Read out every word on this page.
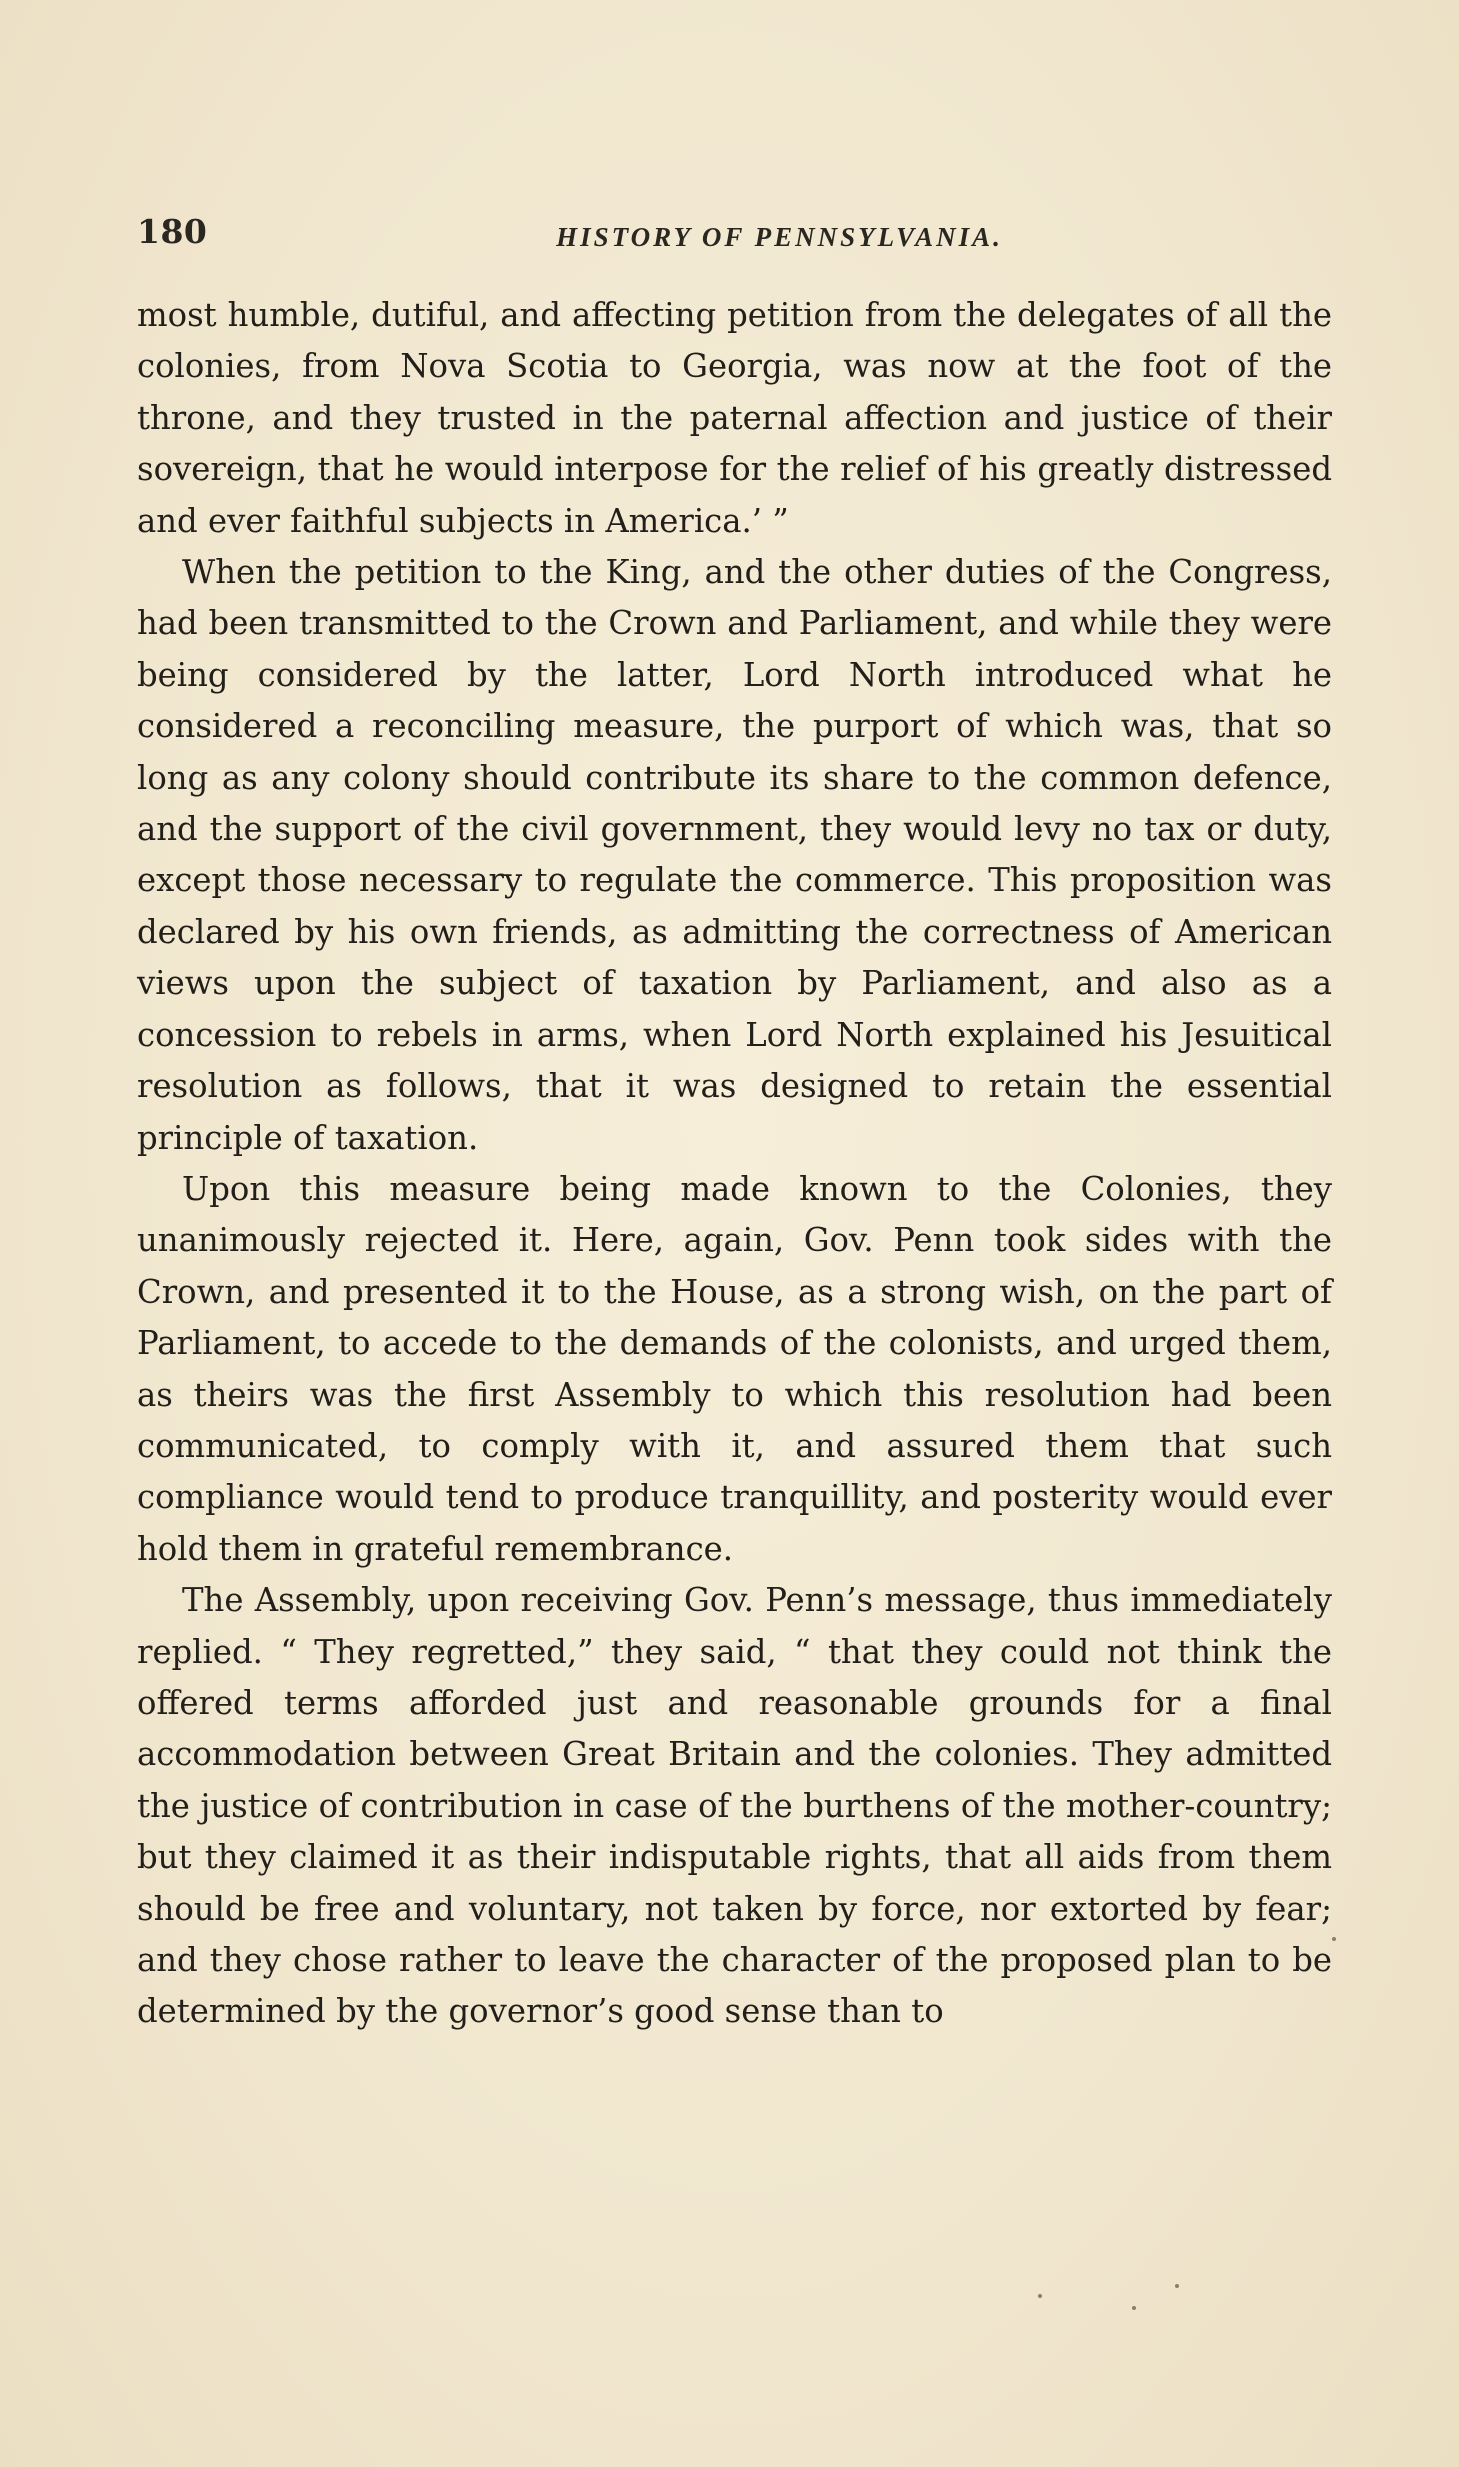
180	HISTORY OF PENNSYLVANIA.

most humble, dutiful, and affecting petition from the delegates of all the colonies, from Nova Scotia to Georgia, was now at the foot of the throne, and they trusted in the paternal affection and justice of their sovereign, that he would interpose for the relief of his greatly distressed and ever faithful subjects in America.’ ”

When the petition to the King, and the other duties of the Congress, had been transmitted to the Crown and Parliament, and while they were being considered by the latter, Lord North introduced what he considered a reconciling measure, the purport of which was, that so long as any colony should contribute its share to the common defence, and the support of the civil government, they would levy no tax or duty, except those necessary to regulate the commerce. This proposition was declared by his own friends, as admitting the correctness of American views upon the subject of taxation by Parliament, and also as a concession to rebels in arms, when Lord North explained his Jesuitical resolution as follows, that it was designed to retain the essential principle of taxation.

Upon this measure being made known to the Colonies, they unanimously rejected it. Here, again, Gov. Penn took sides with the Crown, and presented it to the House, as a strong wish, on the part of Parliament, to accede to the demands of the colonists, and urged them, as theirs was the first Assembly to which this resolution had been communicated, to comply with it, and assured them that such compliance would tend to produce tranquillity, and posterity would ever hold them in grateful remembrance.

The Assembly, upon receiving Gov. Penn’s message, thus immediately replied. “ They regretted,” they said, “ that they could not think the offered terms afforded just and reasonable grounds for a final accommodation between Great Britain and the colonies. They admitted the justice of contribution in case of the burthens of the mother-country; but they claimed it as their indisputable rights, that all aids from them should be free and voluntary, not taken by force, nor extorted by fear; and they chose rather to leave the character of the proposed plan to be determined by the governor’s good sense than to
